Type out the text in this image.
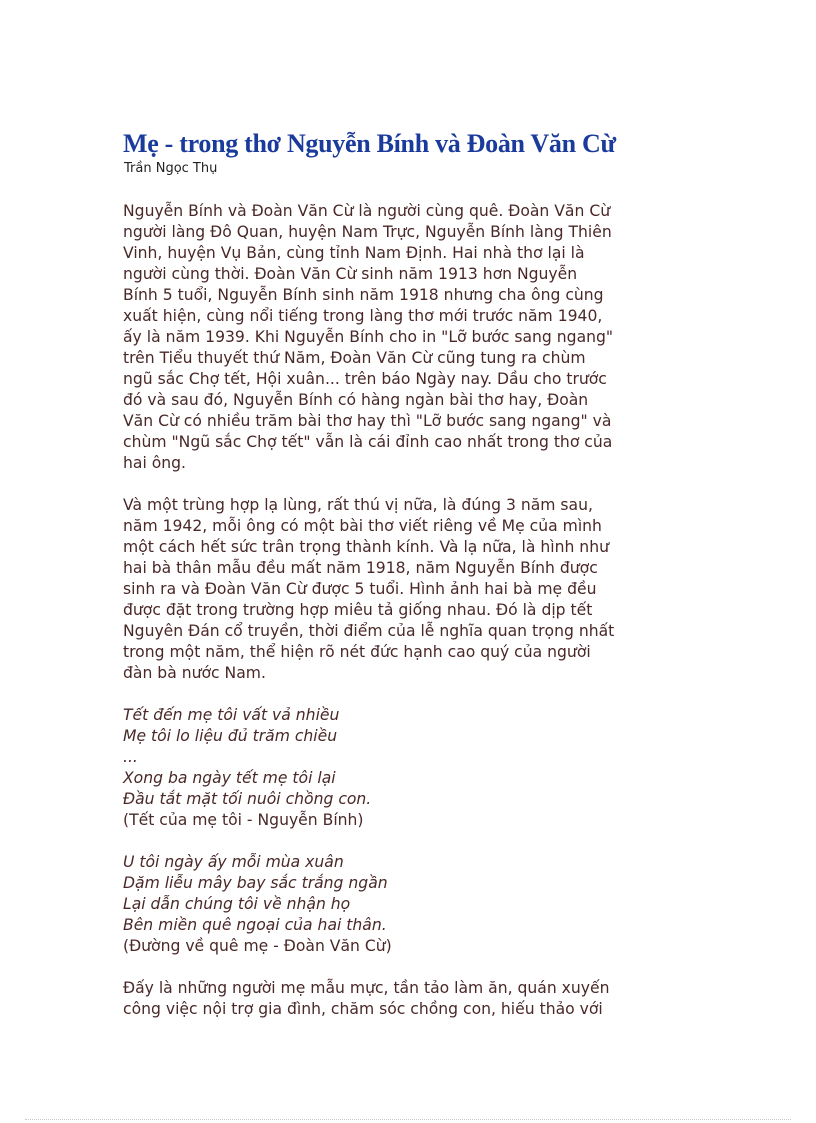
Mẹ - trong thơ Nguyễn Bính và Đoàn Văn Cừ

Trần Ngọc Thụ

Nguyễn Bính và Đoàn Văn Cừ là người cùng quê. Đoàn Văn Cừ
người làng Đô Quan, huyện Nam Trực, Nguyễn Bính làng Thiên
Vinh, huyện Vụ Bản, cùng tỉnh Nam Định. Hai nhà thơ lại là
người cùng thời. Đoàn Văn Cừ sinh năm 1913 hơn Nguyễn
Bính 5 tuổi, Nguyễn Bính sinh năm 1918 nhưng cha ông cùng
xuất hiện, cùng nổi tiếng trong làng thơ mới trước năm 1940,
ấy là năm 1939. Khi Nguyễn Bính cho in "Lỡ bước sang ngang"
trên Tiểu thuyết thứ Năm, Đoàn Văn Cừ cũng tung ra chùm
ngũ sắc Chợ tết, Hội xuân... trên báo Ngày nay. Dầu cho trước
đó và sau đó, Nguyễn Bính có hàng ngàn bài thơ hay, Đoàn
Văn Cừ có nhiều trăm bài thơ hay thì "Lỡ bước sang ngang" và
chùm "Ngũ sắc Chợ tết" vẫn là cái đỉnh cao nhất trong thơ của
hai ông.

Và một trùng hợp lạ lùng, rất thú vị nữa, là đúng 3 năm sau,
năm 1942, mỗi ông có một bài thơ viết riêng về Mẹ của mình
một cách hết sức trân trọng thành kính. Và lạ nữa, là hình như
hai bà thân mẫu đều mất năm 1918, năm Nguyễn Bính được
sinh ra và Đoàn Văn Cừ được 5 tuổi. Hình ảnh hai bà mẹ đều
được đặt trong trường hợp miêu tả giống nhau. Đó là dịp tết
Nguyên Đán cổ truyền, thời điểm của lễ nghĩa quan trọng nhất
trong một năm, thể hiện rõ nét đức hạnh cao quý của người
đàn bà nước Nam.

Tết đến mẹ tôi vất vả nhiều
Mẹ tôi lo liệu đủ trăm chiều
...
Xong ba ngày tết mẹ tôi lại
Đầu tắt mặt tối nuôi chồng con.
(Tết của mẹ tôi - Nguyễn Bính)

U tôi ngày ấy mỗi mùa xuân
Dặm liễu mây bay sắc trắng ngần
Lại dẫn chúng tôi về nhận họ
Bên miền quê ngoại của hai thân.
(Đường về quê mẹ - Đoàn Văn Cừ)

Đấy là những người mẹ mẫu mực, tần tảo làm ăn, quán xuyến
công việc nội trợ gia đình, chăm sóc chồng con, hiếu thảo với
